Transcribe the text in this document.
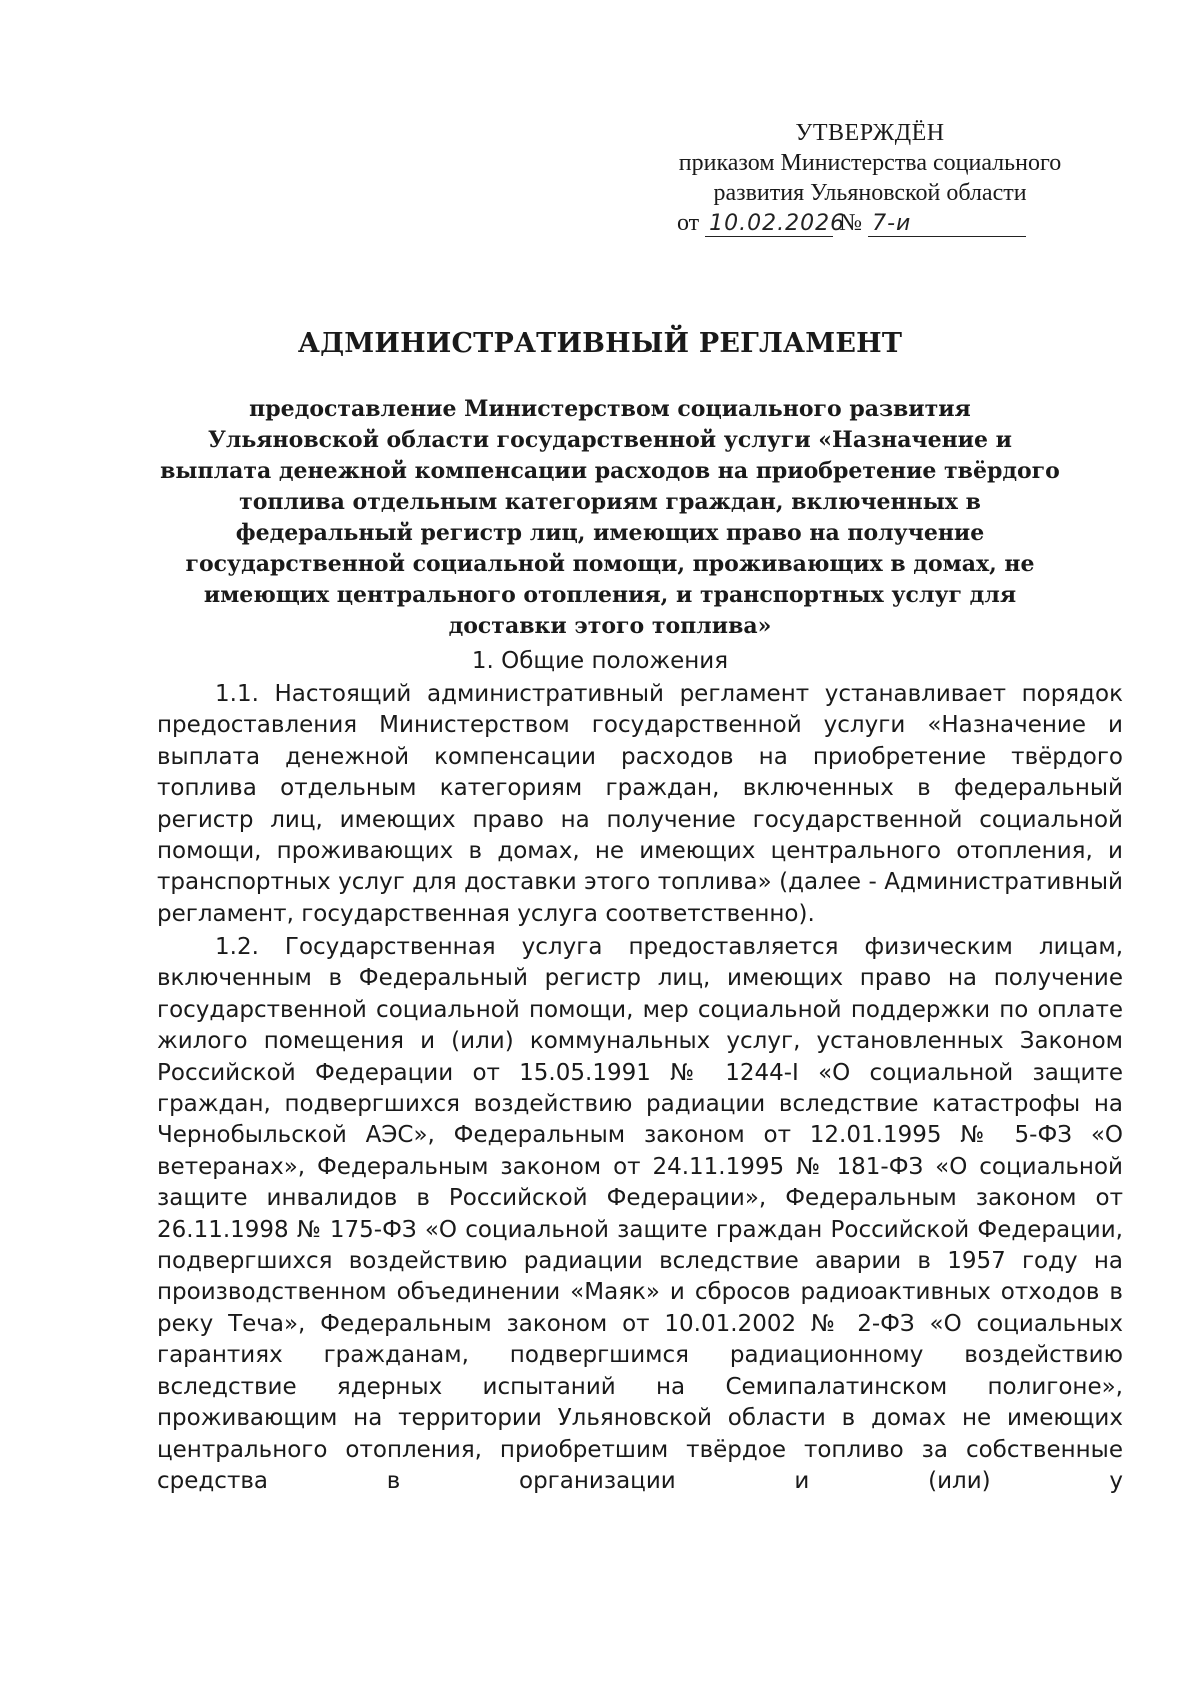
УТВЕРЖДЁН
приказом Министерства социального
развития Ульяновской области
от 10.02.2026 № 7-и
АДМИНИСТРАТИВНЫЙ РЕГЛАМЕНТ
предоставление Министерством социального развития Ульяновской области государственной услуги «Назначение и выплата денежной компенсации расходов на приобретение твёрдого топлива отдельным категориям граждан, включенных в федеральный регистр лиц, имеющих право на получение государственной социальной помощи, проживающих в домах, не имеющих центрального отопления, и транспортных услуг для доставки этого топлива»
1. Общие положения

1.1. Настоящий административный регламент устанавливает порядок предоставления Министерством государственной услуги «Назначение и выплата денежной компенсации расходов на приобретение твёрдого топлива отдельным категориям граждан, включенных в федеральный регистр лиц, имеющих право на получение государственной социальной помощи, проживающих в домах, не имеющих центрального отопления, и транспортных услуг для доставки этого топлива» (далее - Административный регламент, государственная услуга соответственно).

1.2. Государственная услуга предоставляется физическим лицам, включенным в Федеральный регистр лиц, имеющих право на получение государственной социальной помощи, мер социальной поддержки по оплате жилого помещения и (или) коммунальных услуг, установленных Законом Российской Федерации от 15.05.1991 № 1244-I «О социальной защите граждан, подвергшихся воздействию радиации вследствие катастрофы на Чернобыльской АЭС», Федеральным законом от 12.01.1995 № 5-ФЗ «О ветеранах», Федеральным законом от 24.11.1995 № 181-ФЗ «О социальной защите инвалидов в Российской Федерации», Федеральным законом от 26.11.1998 № 175-ФЗ «О социальной защите граждан Российской Федерации, подвергшихся воздействию радиации вследствие аварии в 1957 году на производственном объединении «Маяк» и сбросов радиоактивных отходов в реку Теча», Федеральным законом от 10.01.2002 № 2-ФЗ «О социальных гарантиях гражданам, подвергшимся радиационному воздействию вследствие ядерных испытаний на Семипалатинском полигоне», проживающим на территории Ульяновской области в домах не имеющих центрального отопления, приобретшим твёрдое топливо за собственные средства в организации и (или) у
